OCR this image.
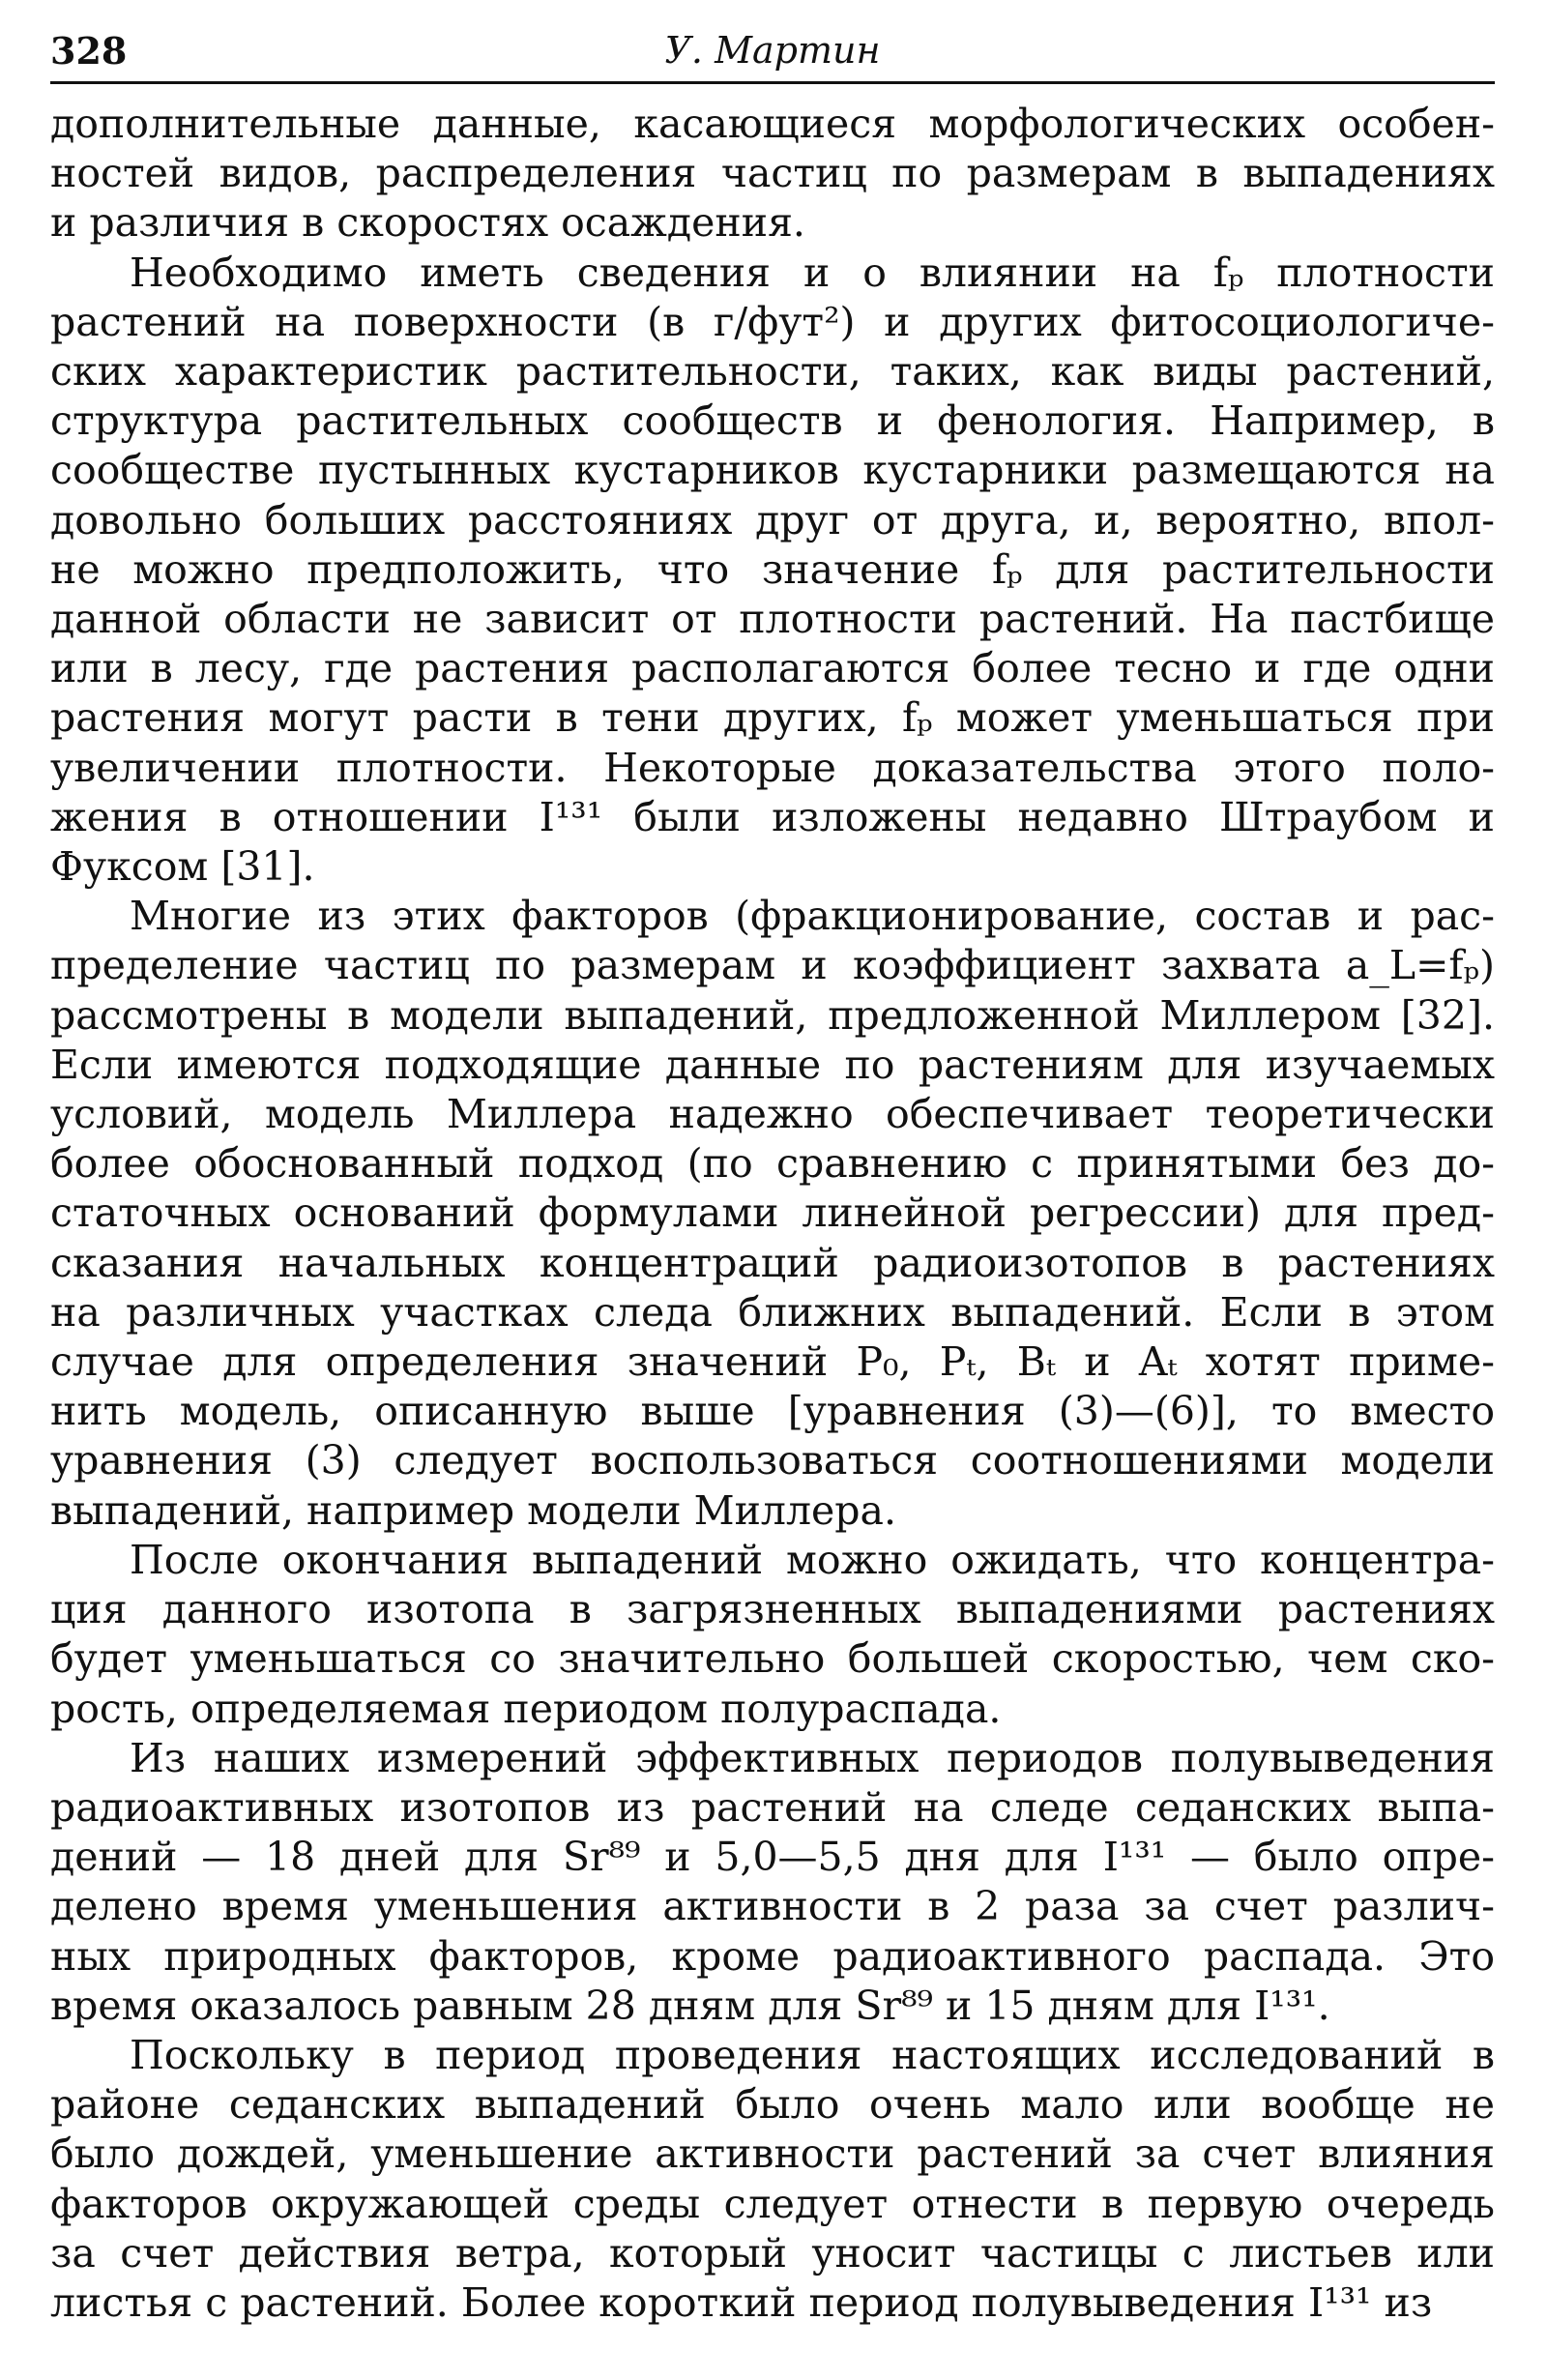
328	У. Мартин

дополнительные данные, касающиеся морфологических особен-
ностей видов, распределения частиц по размерам в выпадениях
и различия в скоростях осаждения.

Необходимо иметь сведения и о влиянии на fₚ плотности
растений на поверхности (в г/фут²) и других фитосоциологиче-
ских характеристик растительности, таких, как виды растений,
структура растительных сообществ и фенология. Например, в
сообществе пустынных кустарников кустарники размещаются на
довольно больших расстояниях друг от друга, и, вероятно, впол-
не можно предположить, что значение fₚ для растительности
данной области не зависит от плотности растений. На пастбище
или в лесу, где растения располагаются более тесно и где одни
растения могут расти в тени других, fₚ может уменьшаться при
увеличении плотности. Некоторые доказательства этого поло-
жения в отношении I¹³¹ были изложены недавно Штраубом и
Фуксом [31].

Многие из этих факторов (фракционирование, состав и рас-
пределение частиц по размерам и коэффициент захвата a_L=fₚ)
рассмотрены в модели выпадений, предложенной Миллером [32].
Если имеются подходящие данные по растениям для изучаемых
условий, модель Миллера надежно обеспечивает теоретически
более обоснованный подход (по сравнению с принятыми без до-
статочных оснований формулами линейной регрессии) для пред-
сказания начальных концентраций радиоизотопов в растениях
на различных участках следа ближних выпадений. Если в этом
случае для определения значений P₀, Pₜ, Bₜ и Aₜ хотят приме-
нить модель, описанную выше [уравнения (3)—(6)], то вместо
уравнения (3) следует воспользоваться соотношениями модели
выпадений, например модели Миллера.

После окончания выпадений можно ожидать, что концентра-
ция данного изотопа в загрязненных выпадениями растениях
будет уменьшаться со значительно большей скоростью, чем ско-
рость, определяемая периодом полураспада.

Из наших измерений эффективных периодов полувыведения
радиоактивных изотопов из растений на следе седанских выпа-
дений — 18 дней для Sr⁸⁹ и 5,0—5,5 дня для I¹³¹ — было опре-
делено время уменьшения активности в 2 раза за счет различ-
ных природных факторов, кроме радиоактивного распада. Это
время оказалось равным 28 дням для Sr⁸⁹ и 15 дням для I¹³¹.

Поскольку в период проведения настоящих исследований в
районе седанских выпадений было очень мало или вообще не
было дождей, уменьшение активности растений за счет влияния
факторов окружающей среды следует отнести в первую очередь
за счет действия ветра, который уносит частицы с листьев или
листья с растений. Более короткий период полувыведения I¹³¹ из
